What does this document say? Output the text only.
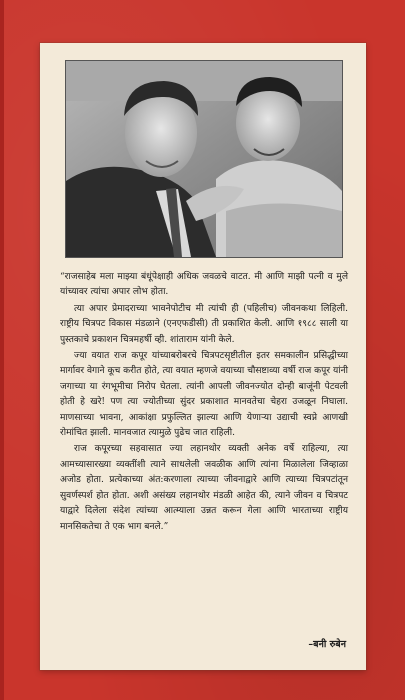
“राजसाहेब मला माझ्या बंधूंपेक्षाही अधिक जवळचे वाटत. मी आणि माझी पत्नी व मुले यांच्यावर त्यांचा अपार लोभ होता.

त्या अपार प्रेमादराच्या भावनेपोटीच मी त्यांची ही (पहिलीच) जीवनकथा लिहिली. राष्ट्रीय चित्रपट विकास मंडळाने (एनएफडीसी) ती प्रकाशित केली. आणि १९८८ साली या पुस्तकाचे प्रकाशन चित्रमहर्षी व्ही. शांताराम यांनी केले.

ज्या वयात राज कपूर यांच्याबरोबरचे चित्रपटसृष्टीतील इतर समकालीन प्रसिद्धीच्या मार्गावर वेगाने कूच करीत होते, त्या वयात म्हणजे वयाच्या चौसष्टाव्या वर्षी राज कपूर यांनी जगाच्या या रंगभूमीचा निरोप घेतला. त्यांनी आपली जीवनज्योत दोन्ही बाजूंनी पेटवली होती हे खरे! पण त्या ज्योतीच्या सुंदर प्रकाशात मानवतेचा चेहरा उजळून निघाला. माणसाच्या भावना, आकांक्षा प्रफुल्लित झाल्या आणि येणाऱ्या उद्याची स्वप्ने आणखी रोमांचित झाली. मानवजात त्यामुळे पुढेच जात राहिली.

राज कपूरच्या सहवासात ज्या लहानथोर व्यक्ती अनेक वर्षे राहिल्या, त्या आमच्यासारख्या व्यक्तींशी त्याने साधलेली जवळीक आणि त्यांना मिळालेला जिव्हाळा अजोड होता. प्रत्येकाच्या अंत:करणाला त्याच्या जीवनाद्वारे आणि त्याच्या चित्रपटांतून सुवर्णस्पर्श होत होता. अशी असंख्य लहानथोर मंडळी आहेत की, त्याने जीवन व चित्रपट याद्वारे दिलेला संदेश त्यांच्या आत्म्याला उन्नत करून गेला आणि भारताच्या राष्ट्रीय मानसिकतेचा ते एक भाग बनले.”

–बनी रुबेन
